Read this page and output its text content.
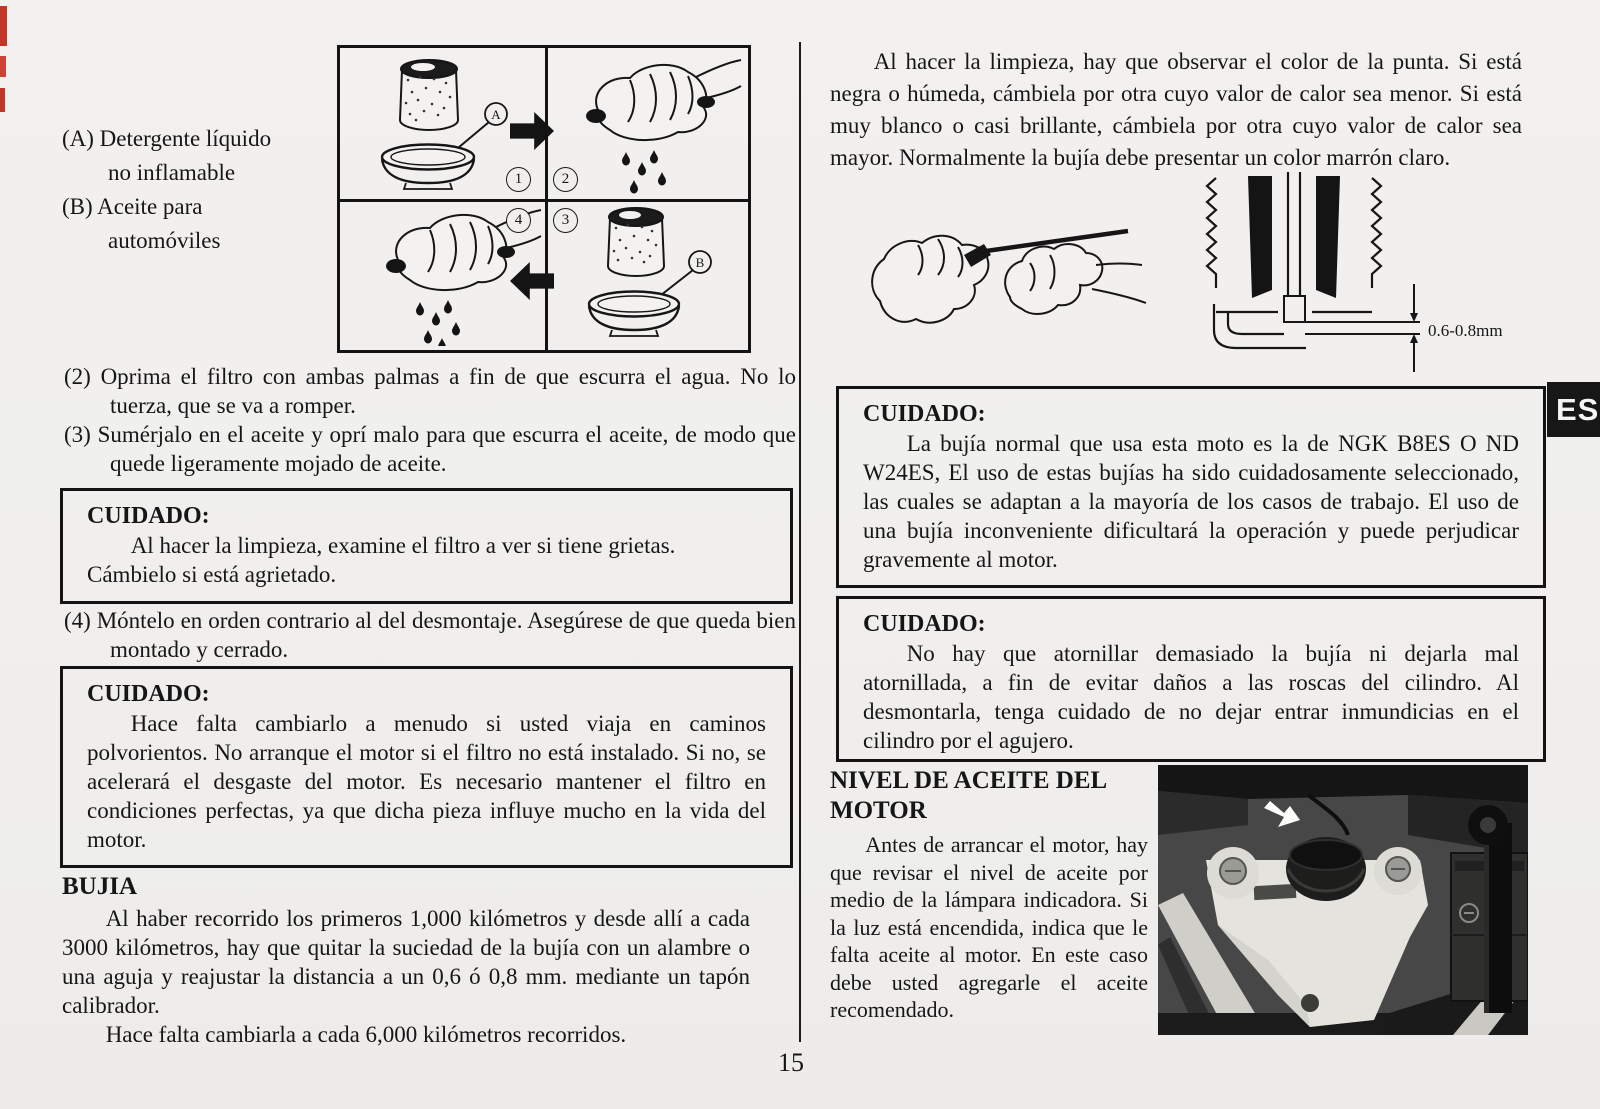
(A) Detergente líquido
no inflamable
(B) Aceite para
automóviles
1	2
4	3
A
B
(2) Oprima el filtro con ambas palmas a fin de que escurra el agua. No lo tuerza, que se va a romper.
(3) Sumérjalo en el aceite y oprí malo para que escurra el aceite, de modo que quede ligeramente mojado de aceite.
CUIDADO:
Al hacer la limpieza, examine el filtro a ver si tiene grietas. Cámbielo si está agrietado.
(4) Móntelo en orden contrario al del desmontaje. Asegúrese de que queda bien montado y cerrado.
CUIDADO:
Hace falta cambiarlo a menudo si usted viaja en caminos polvorientos. No arranque el motor si el filtro no está instalado. Si no, se acelerará el desgaste del motor. Es necesario mantener el filtro en condiciones perfectas, ya que dicha pieza influye mucho en la vida del motor.
BUJIA
Al haber recorrido los primeros 1,000 kilómetros y desde allí a cada 3000 kilómetros, hay que quitar la suciedad de la bujía con un alambre o una aguja y reajustar la distancia a un 0,6 ó 0,8 mm. mediante un tapón calibrador.
Hace falta cambiarla a cada 6,000 kilómetros recorridos.
Al hacer la limpieza, hay que observar el color de la punta. Si está negra o húmeda, cámbiela por otra cuyo valor de calor sea menor. Si está muy blanco o casi brillante, cámbiela por otra cuyo valor de calor sea mayor. Normalmente la bujía debe presentar un color marrón claro.
0.6-0.8mm
CUIDADO:
La bujía normal que usa esta moto es la de NGK B8ES O ND W24ES, El uso de estas bujías ha sido cuidadosamente seleccionado, las cuales se adaptan a la mayoría de los casos de trabajo. El uso de una bujía inconveniente dificultará la operación y puede perjudicar gravemente al motor.
CUIDADO:
No hay que atornillar demasiado la bujía ni dejarla mal atornillada, a fin de evitar daños a las roscas del cilindro. Al desmontarla, tenga cuidado de no dejar entrar inmundicias en el cilindro por el agujero.
NIVEL DE ACEITE DEL
MOTOR
Antes de arrancar el motor, hay que revisar el nivel de aceite por medio de la lámpara indicadora. Si la luz está encendida, indica que le falta aceite al motor. En este caso debe usted agregarle el aceite recomendado.
ES
15
